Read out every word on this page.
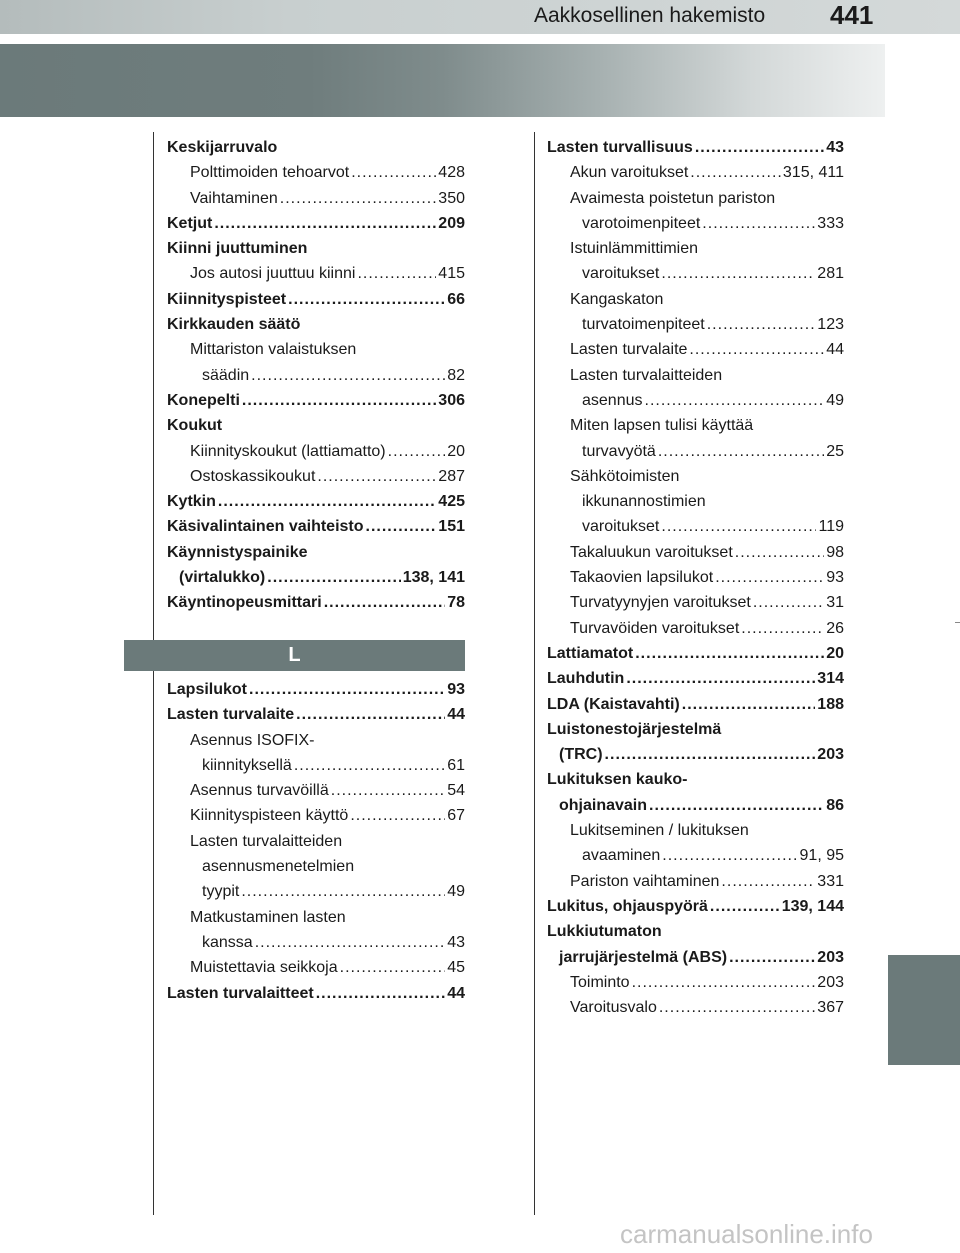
Aakkosellinen hakemisto 441
Keskijarruvalo
Polttimoiden tehoarvot .....	428
Vaihtaminen .....	350
Ketjut .....	209
Kiinni juuttuminen
Jos autosi juuttuu kiinni .....	415
Kiinnityspisteet .....	66
Kirkkauden säätö
Mittariston valaistuksen
säädin .....	82
Konepelti .....	306
Koukut
Kiinnityskoukut (lattiamatto) .....	20
Ostoskassikoukut .....	287
Kytkin .....	425
Käsivalintainen vaihteisto .....	151
Käynnistyspainike
(virtalukko) .....	138, 141
Käyntinopeusmittari .....	78
L
Lapsilukot .....	93
Lasten turvalaite .....	44
Asennus ISOFIX-
kiinnityksellä .....	61
Asennus turvavöillä .....	54
Kiinnityspisteen käyttö .....	67
Lasten turvalaitteiden
asennusmenetelmien
tyypit .....	49
Matkustaminen lasten
kanssa .....	43
Muistettavia seikkoja .....	45
Lasten turvalaitteet .....	44
Lasten turvallisuus .....	43
Akun varoitukset .....	315, 411
Avaimesta poistetun pariston
varotoimenpiteet .....	333
Istuinlämmittimien
varoitukset .....	281
Kangaskaton
turvatoimenpiteet .....	123
Lasten turvalaite .....	44
Lasten turvalaitteiden
asennus .....	49
Miten lapsen tulisi käyttää
turvavyötä .....	25
Sähkötoimisten
ikkunannostimien
varoitukset .....	119
Takaluukun varoitukset .....	98
Takaovien lapsilukot .....	93
Turvatyynyjen varoitukset .....	31
Turvavöiden varoitukset .....	26
Lattiamatot .....	20
Lauhdutin .....	314
LDA (Kaistavahti) .....	188
Luistonestojärjestelmä
(TRC) .....	203
Lukituksen kauko-
ohjainavain .....	86
Lukitseminen / lukituksen
avaaminen .....	91, 95
Pariston vaihtaminen .....	331
Lukitus, ohjauspyörä .....	139, 144
Lukkiutumaton
jarrujärjestelmä (ABS) .....	203
Toiminto .....	203
Varoitusvalo .....	367
carmanualsonline.info
